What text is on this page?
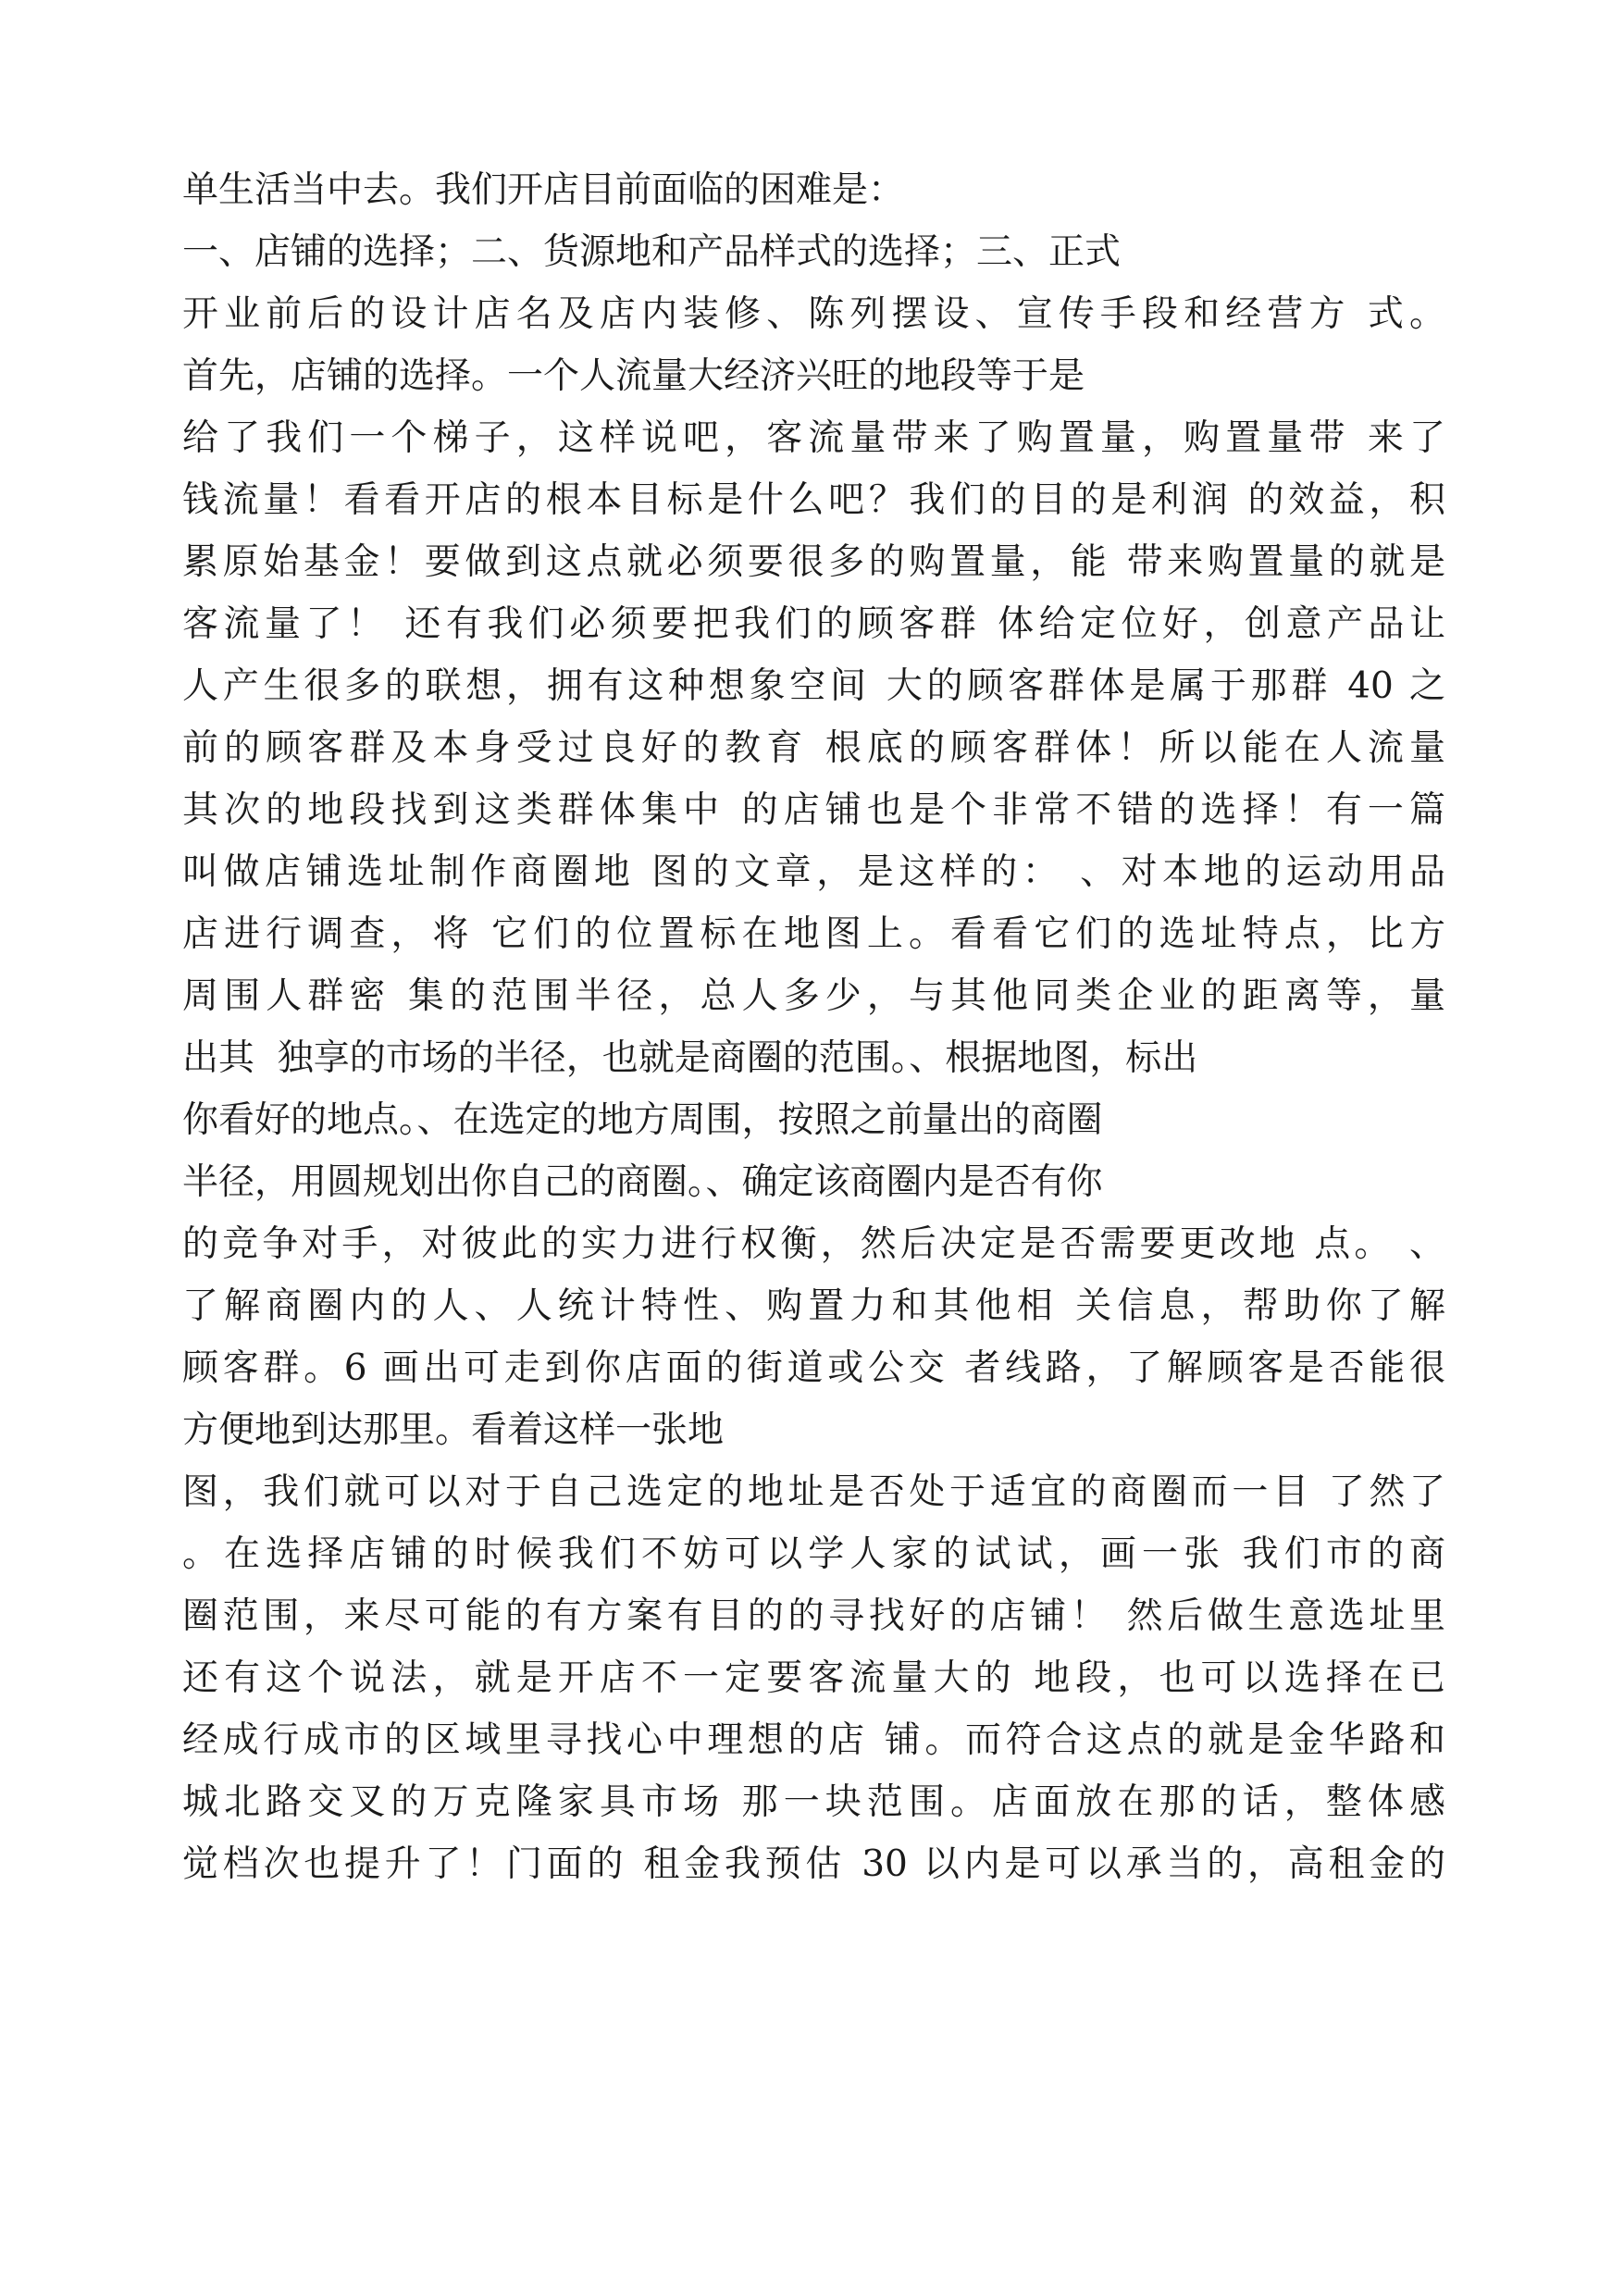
单生活当中去。我们开店目前面临的困难是：
一、店铺的选择；二、货源地和产品样式的选择；三、正式
开业前后的设计店名及店内装修、陈列摆设、宣传手段和经营方 式。
首先，店铺的选择。一个人流量大经济兴旺的地段等于是
给了我们一个梯子，这样说吧，客流量带来了购置量，购置量带 来了
钱流量！看看开店的根本目标是什么吧？我们的目的是利润 的效益，积
累原始基金！要做到这点就必须要很多的购置量，能 带来购置量的就是
客流量了！ 还有我们必须要把我们的顾客群 体给定位好，创意产品让
人产生很多的联想，拥有这种想象空间 大的顾客群体是属于那群 40 之
前的顾客群及本身受过良好的教育 根底的顾客群体！所以能在人流量
其次的地段找到这类群体集中 的店铺也是个非常不错的选择！有一篇
叫做店铺选址制作商圈地 图的文章，是这样的： 、对本地的运动用品
店进行调查，将 它们的位置标在地图上。看看它们的选址特点，比方
周围人群密 集的范围半径，总人多少，与其他同类企业的距离等，量
出其  独享的市场的半径，也就是商圈的范围。、根据地图，标出
你看好的地点。、在选定的地方周围，按照之前量出的商圈
半径，用圆规划出你自己的商圈。、确定该商圈内是否有你
的竞争对手，对彼此的实力进行权衡，然后决定是否需要更改地 点。 、
了解商圈内的人、人统计特性、购置力和其他相 关信息，帮助你了解
顾客群。6 画出可走到你店面的街道或公交 者线路，了解顾客是否能很
方便地到达那里。看着这样一张地
图，我们就可以对于自己选定的地址是否处于适宜的商圈而一目 了然了
。在选择店铺的时候我们不妨可以学人家的试试，画一张 我们市的商
圈范围，来尽可能的有方案有目的的寻找好的店铺！ 然后做生意选址里
还有这个说法，就是开店不一定要客流量大的 地段，也可以选择在已
经成行成市的区域里寻找心中理想的店 铺。而符合这点的就是金华路和
城北路交叉的万克隆家具市场 那一块范围。店面放在那的话，整体感
觉档次也提升了！门面的 租金我预估 30 以内是可以承当的，高租金的
